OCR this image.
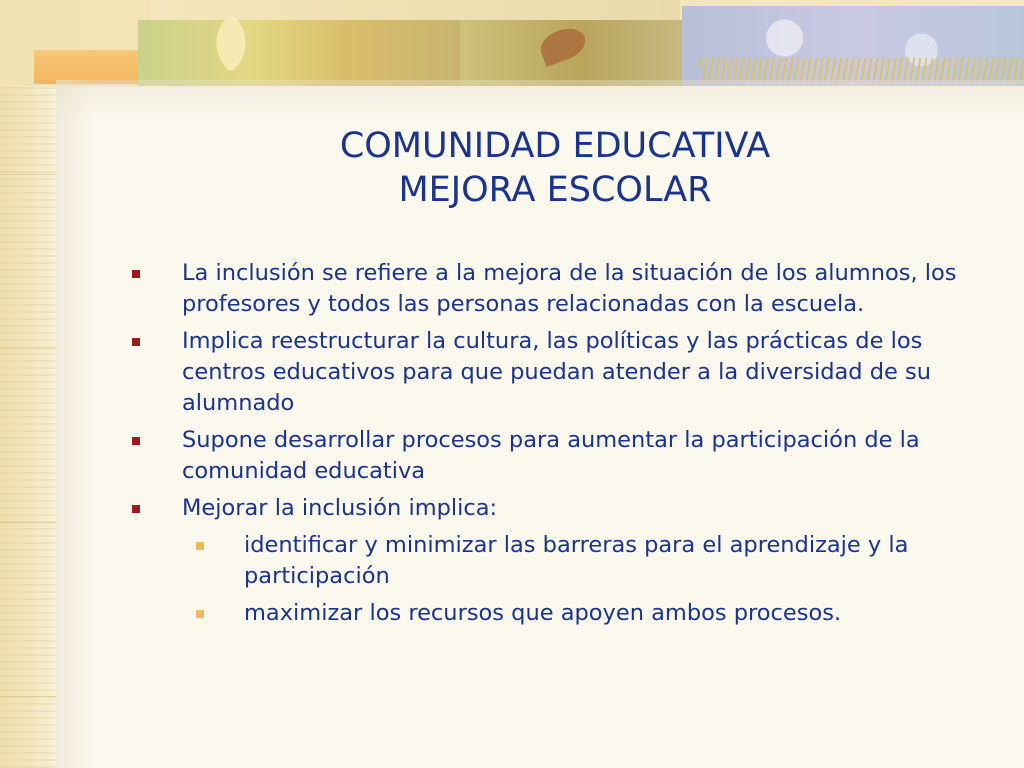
COMUNIDAD EDUCATIVA
MEJORA ESCOLAR
La inclusión se refiere a la mejora de la situación de los alumnos, los profesores y todos las personas relacionadas con la escuela.
Implica reestructurar la cultura, las políticas y las prácticas de los centros educativos para que puedan atender a la diversidad de su alumnado
Supone desarrollar procesos para aumentar la participación de la comunidad educativa
Mejorar la inclusión implica:
identificar y minimizar las barreras para el aprendizaje y la participación
maximizar los recursos que apoyen ambos procesos.
